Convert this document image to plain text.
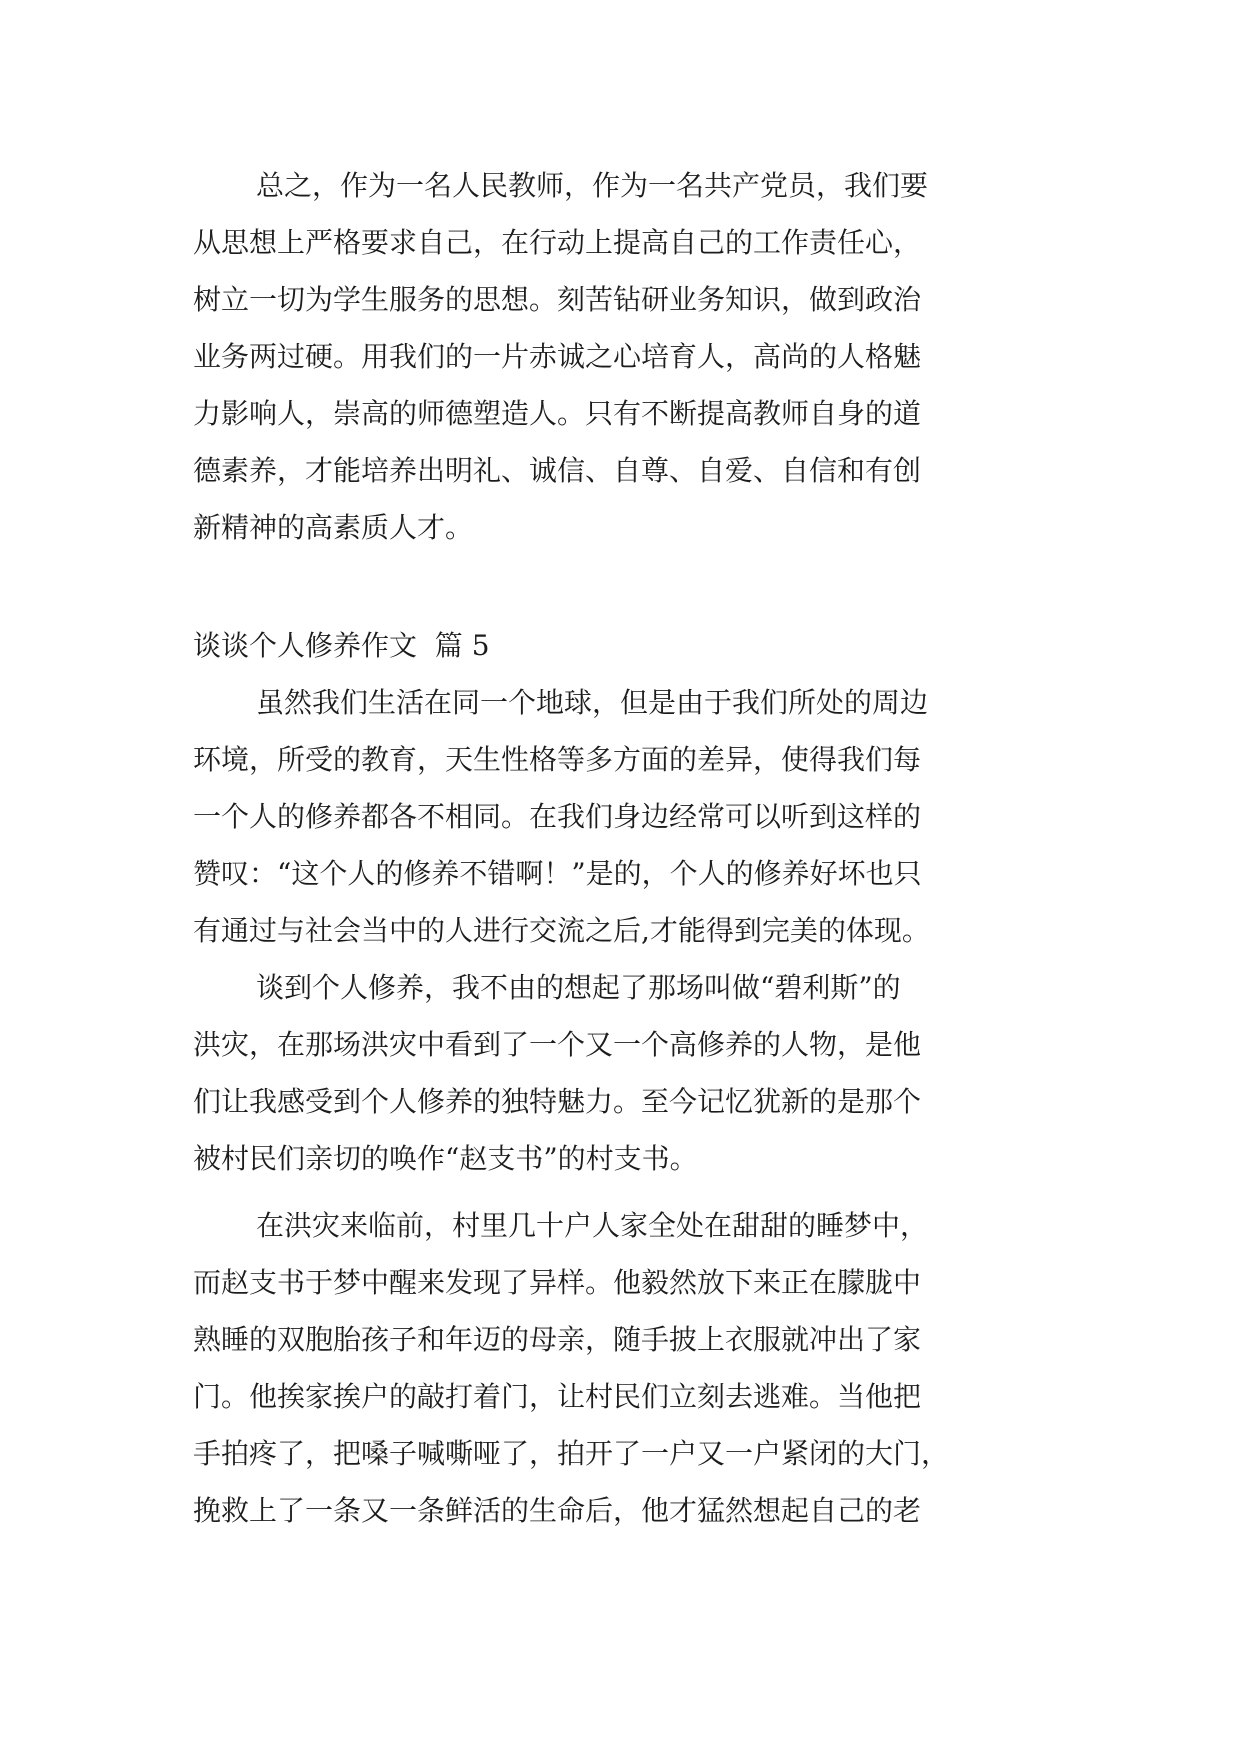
总之，作为一名人民教师，作为一名共产党员，我们要
从思想上严格要求自己，在行动上提高自己的工作责任心，
树立一切为学生服务的思想。刻苦钻研业务知识，做到政治
业务两过硬。用我们的一片赤诚之心培育人，高尚的人格魅
力影响人，崇高的师德塑造人。只有不断提高教师自身的道
德素养，才能培养出明礼、诚信、自尊、自爱、自信和有创
新精神的高素质人才。
谈谈个人修养作文  篇 5
虽然我们生活在同一个地球，但是由于我们所处的周边
环境，所受的教育，天生性格等多方面的差异，使得我们每
一个人的修养都各不相同。在我们身边经常可以听到这样的
赞叹：“这个人的修养不错啊！”是的，个人的修养好坏也只
有通过与社会当中的人进行交流之后,才能得到完美的体现。
谈到个人修养，我不由的想起了那场叫做“碧利斯”的
洪灾，在那场洪灾中看到了一个又一个高修养的人物，是他
们让我感受到个人修养的独特魅力。至今记忆犹新的是那个
被村民们亲切的唤作“赵支书”的村支书。
在洪灾来临前，村里几十户人家全处在甜甜的睡梦中，
而赵支书于梦中醒来发现了异样。他毅然放下来正在朦胧中
熟睡的双胞胎孩子和年迈的母亲，随手披上衣服就冲出了家
门。他挨家挨户的敲打着门，让村民们立刻去逃难。当他把
手拍疼了，把嗓子喊嘶哑了，拍开了一户又一户紧闭的大门，
挽救上了一条又一条鲜活的生命后，他才猛然想起自己的老
